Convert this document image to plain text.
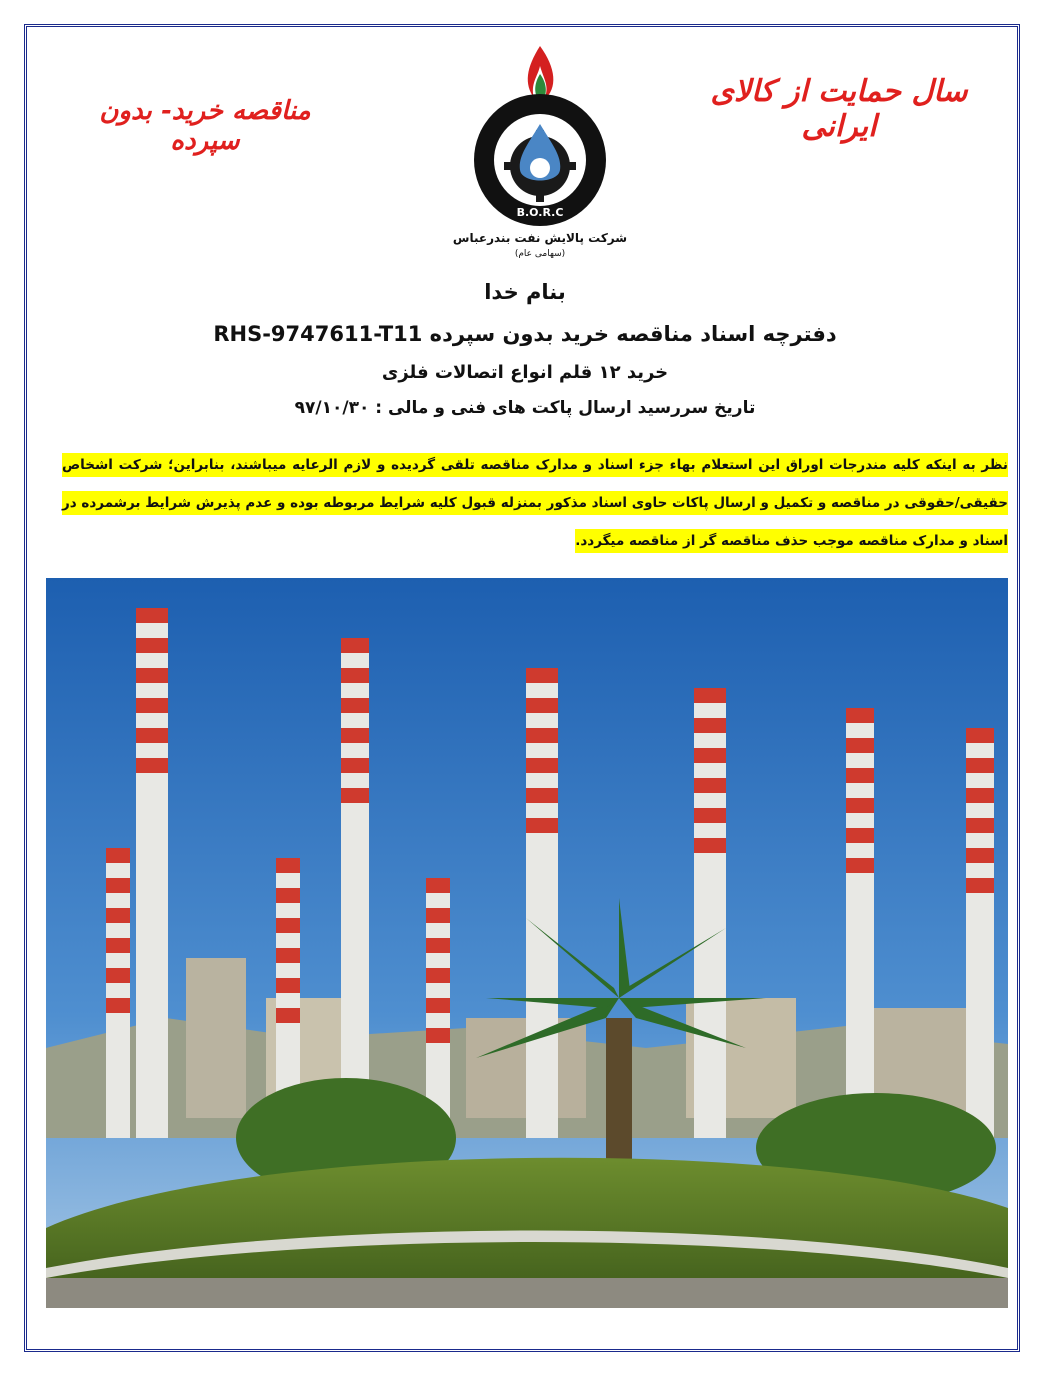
سال حمایت از کالای ایرانی
مناقصه خرید- بدون سپرده
B.O.R.C
شرکت پالایش نفت بندرعباس
(سهامی عام)
بنام خدا
دفترچه اسناد مناقصه خرید بدون سپرده RHS-9747611-T11
خرید ۱۲ قلم انواع اتصالات فلزی
تاریخ سررسید ارسال پاکت های فنی و مالی : ۹۷/۱۰/۳۰
نظر به اینکه کلیه مندرجات اوراق این استعلام بهاء جزء اسناد و مدارک مناقصه تلقی گردیده و لازم الرعایه میباشند، بنابراین؛ شرکت اشخاص حقیقی/حقوقی در مناقصه و تکمیل و ارسال پاکات حاوی اسناد مذکور بمنزله قبول کلیه شرایط مربوطه بوده و عدم پذیرش شرایط برشمرده در اسناد و مدارک مناقصه موجب حذف مناقصه گر از مناقصه میگردد.
